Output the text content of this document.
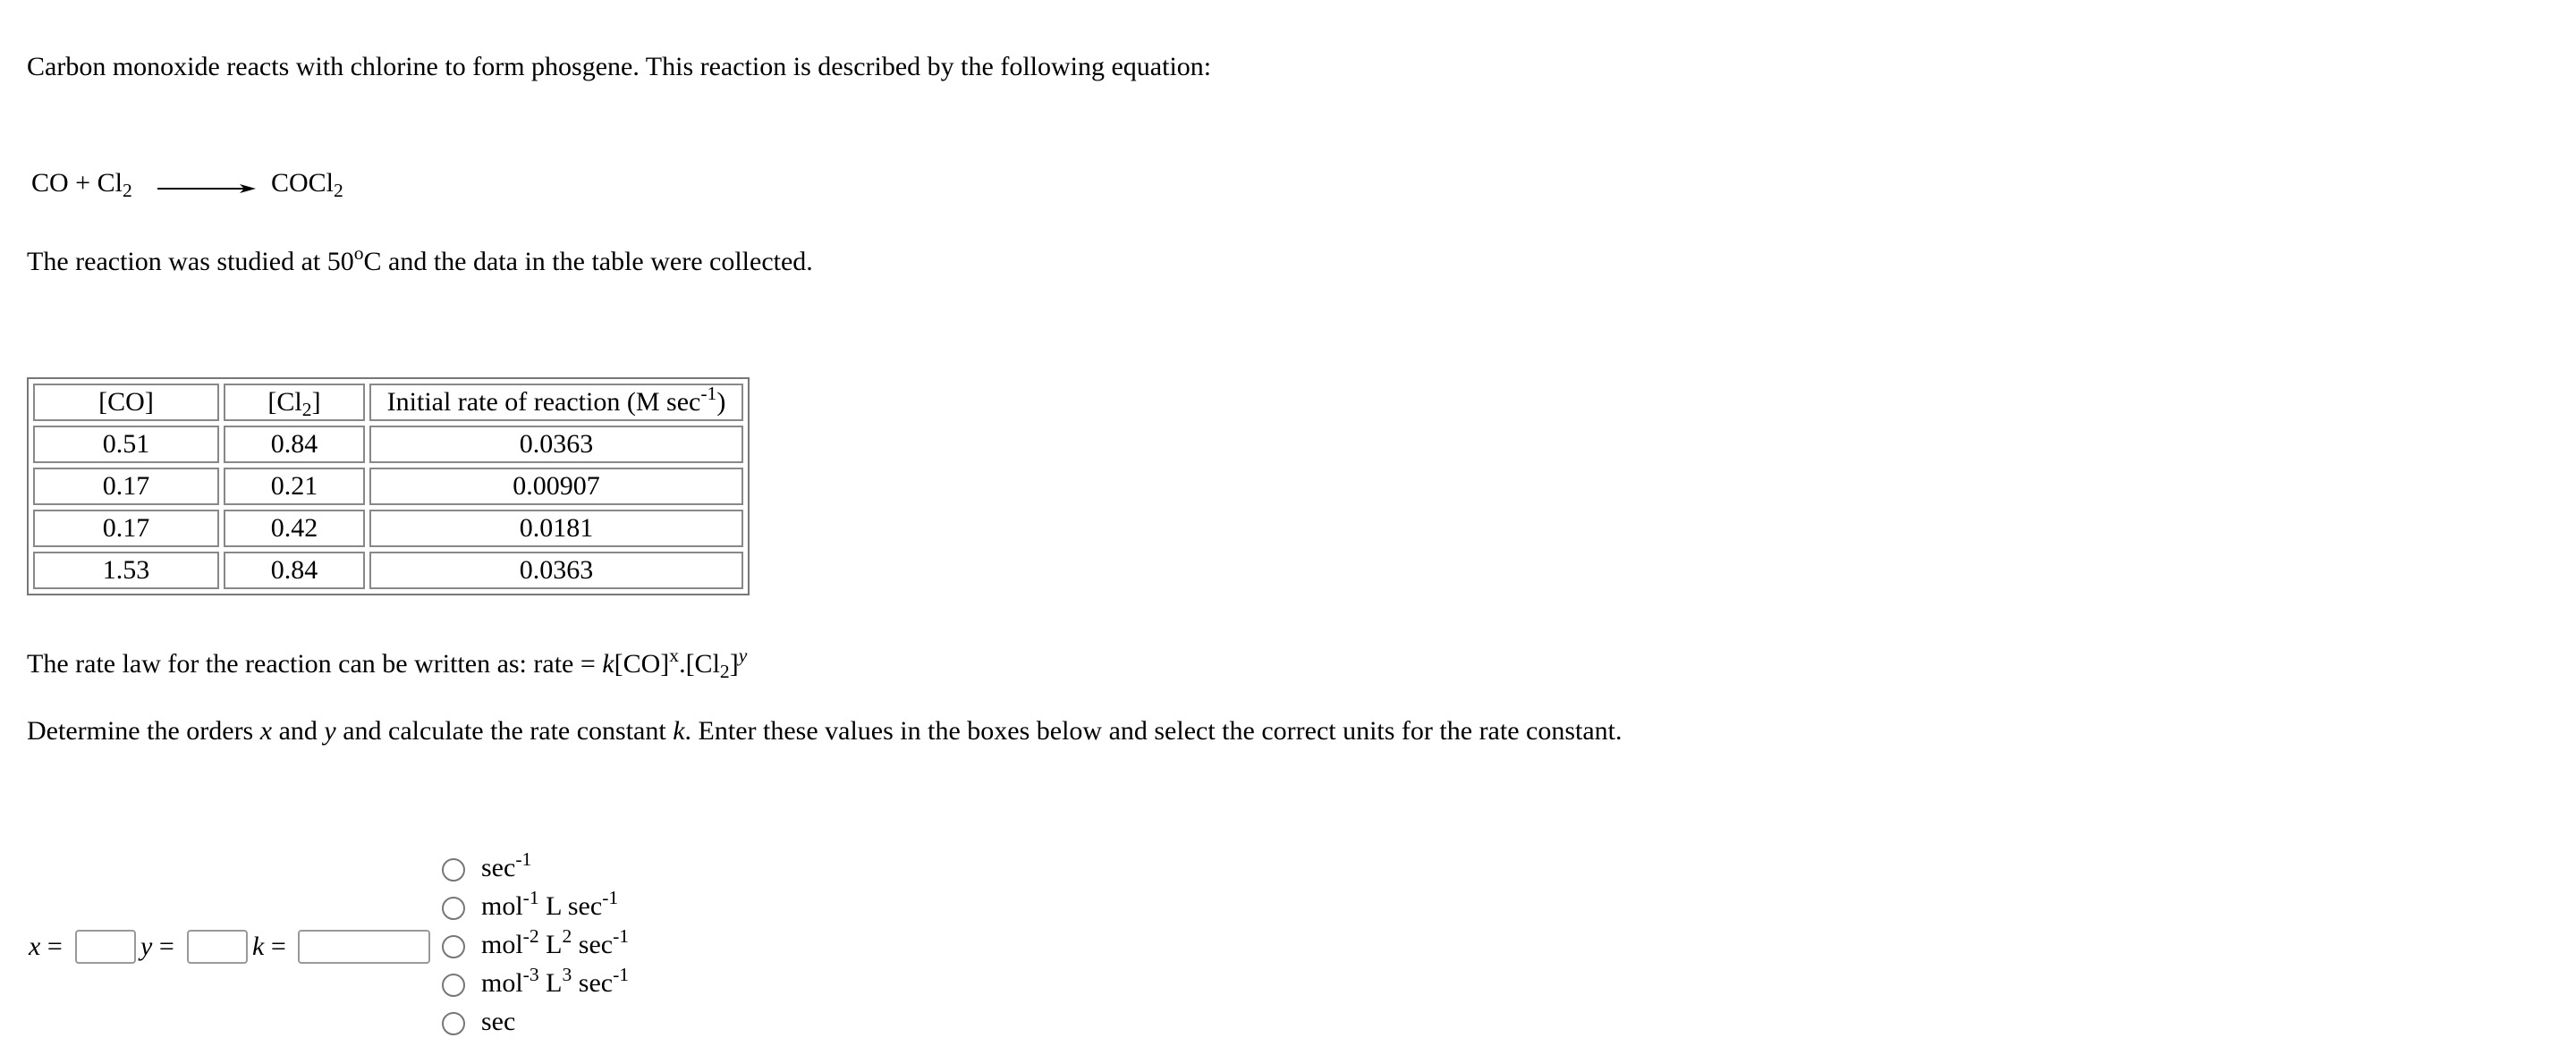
Carbon monoxide reacts with chlorine to form phosgene. This reaction is described by the following equation:
CO + $Cl_2$ → COCl$_2$
The reaction was studied at 50$^o$C and the data in the table were collected.
[CO]	$[Cl_2]$	Initial rate of reaction (M $\sec^{-1}$)
0.51	0.84	0.0363
0.17	0.21	0.00907
0.17	0.42	0.0181
1.53	0.84	0.0363
The rate law for the reaction can be written as: rate = $k[CO]^x.[Cl_2]^y$
Determine the orders x and y and calculate the rate constant k. Enter these values in the boxes below and select the correct units for the rate constant.
x =	y =	k =
$\sec^{-1}$
mol$^{-1}$ L $\sec^{-1}$
mol$^{-2}$ $L^2$ $\sec^{-1}$
mol$^{-3}$ $L^3$ $\sec^{-1}$
sec
